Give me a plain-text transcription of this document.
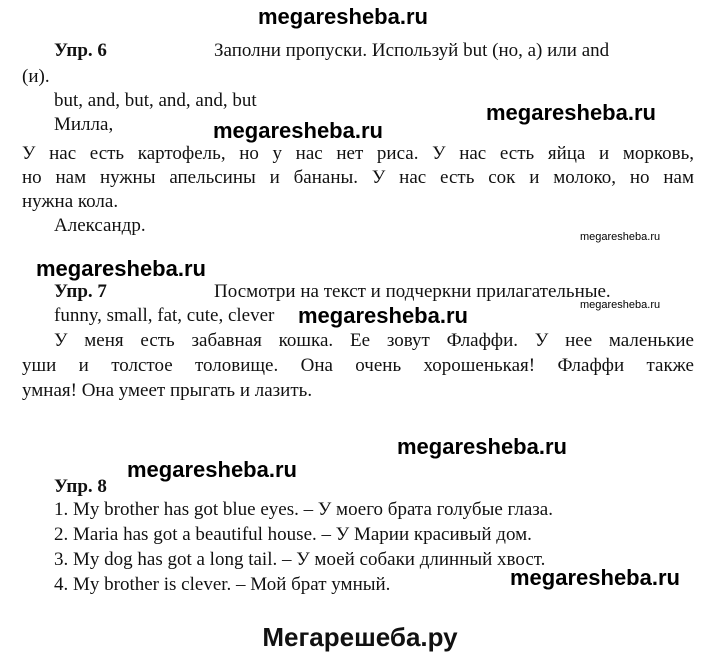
megaresheba.ru
Упр. 6	Заполни пропуски. Используй but (но, а) или and
(и).
but, and, but, and, and, but
Милла,
У нас есть картофель, но у нас нет риса. У нас есть яйца и морковь,
но нам нужны апельсины и бананы. У нас есть сок и молоко, но нам
нужна кола.
Александр.
Упр. 7	Посмотри на текст и подчеркни прилагательные.
funny, small, fat, cute, clever
У меня есть забавная кошка. Ее зовут Флаффи. У нее маленькие
уши и толстое толовище. Она очень хорошенькая! Флаффи также
умная! Она умеет прыгать и лазить.
Упр. 8
1. My brother has got blue eyes. – У моего брата голубые глаза.
2. Maria has got a beautiful house. – У Марии красивый дом.
3. My dog has got a long tail. – У моей собаки длинный хвост.
4. My brother is clever. – Мой брат умный.
megaresheba.ru
megaresheba.ru
megaresheba.ru
megaresheba.ru
megaresheba.ru
megaresheba.ru
megaresheba.ru
megaresheba.ru
megaresheba.ru
Мегарешеба.ру
